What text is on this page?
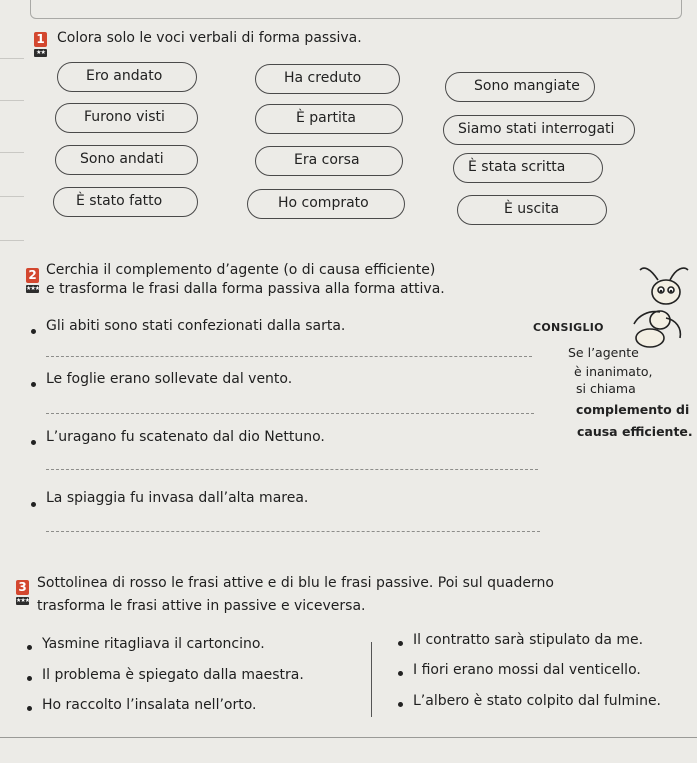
1
★★
Colora solo le voci verbali di forma passiva.
Ero andato	Ha creduto	Sono mangiate
Furono visti	È partita
Siamo stati interrogati
Sono andati	Era corsa	È stata scritta
È stato fatto	Ho comprato	È uscita
2
★★★
Cerchia il complemento d’agente (o di causa efficiente)
e trasforma le frasi dalla forma passiva alla forma attiva.
Gli abiti sono stati confezionati dalla sarta.
Le foglie erano sollevate dal vento.
L’uragano fu scatenato dal dio Nettuno.
La spiaggia fu invasa dall’alta marea.
CONSIGLIO
Se l’agente
è inanimato,
si chiama
complemento di
causa efficiente.
3
★★★
Sottolinea di rosso le frasi attive e di blu le frasi passive. Poi sul quaderno
trasforma le frasi attive in passive e viceversa.
Yasmine ritagliava il cartoncino.
Il problema è spiegato dalla maestra.
Ho raccolto l’insalata nell’orto.
Il contratto sarà stipulato da me.
I fiori erano mossi dal venticello.
L’albero è stato colpito dal fulmine.
